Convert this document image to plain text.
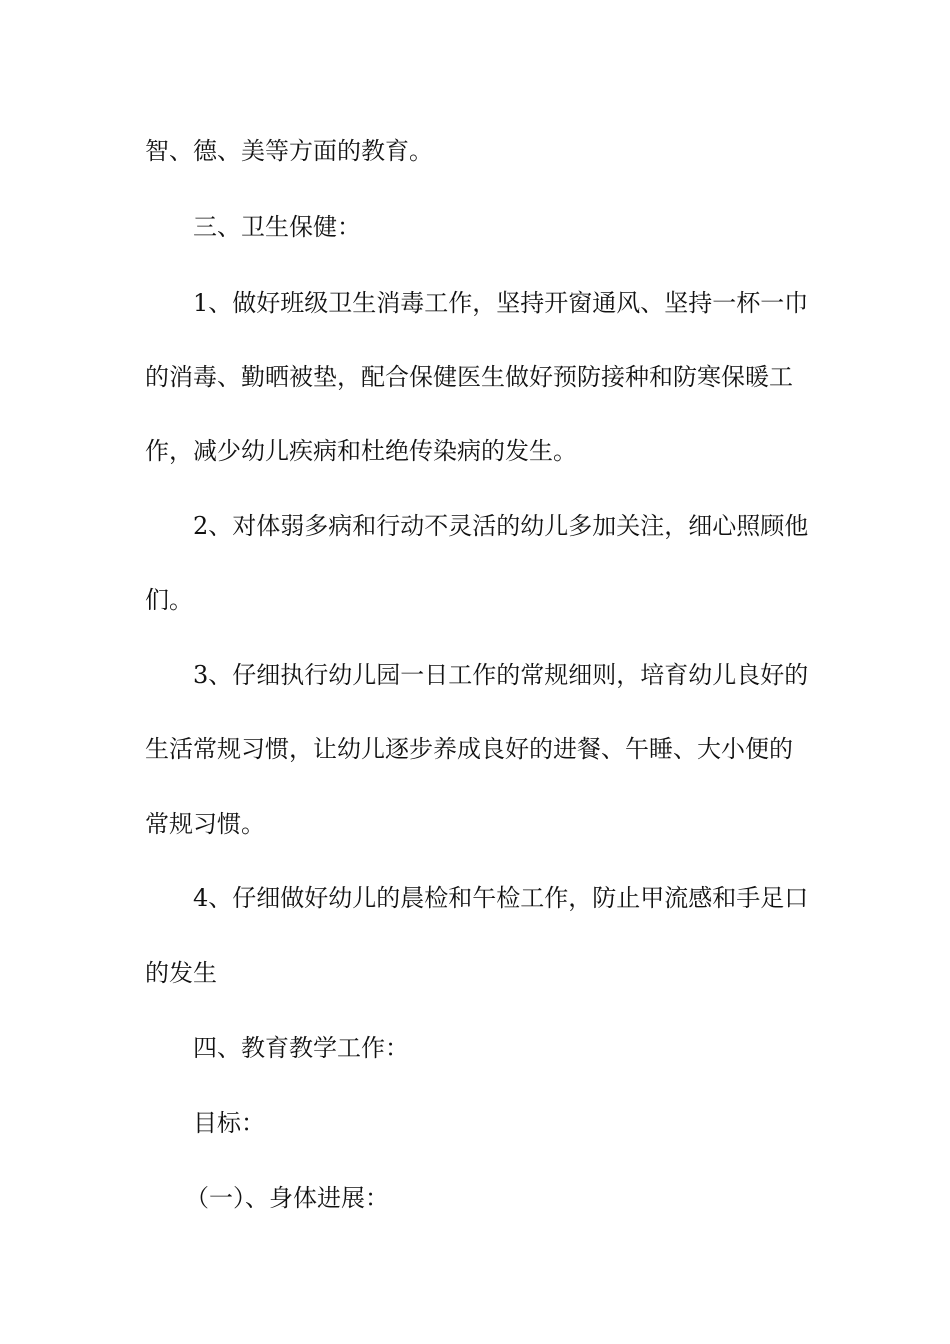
智、德、美等方面的教育。
三、卫生保健：
1、做好班级卫生消毒工作，坚持开窗通风、坚持一杯一巾
的消毒、勤晒被垫，配合保健医生做好预防接种和防寒保暖工
作，减少幼儿疾病和杜绝传染病的发生。
2、对体弱多病和行动不灵活的幼儿多加关注，细心照顾他
们。
3、仔细执行幼儿园一日工作的常规细则，培育幼儿良好的
生活常规习惯，让幼儿逐步养成良好的进餐、午睡、大小便的
常规习惯。
4、仔细做好幼儿的晨检和午检工作，防止甲流感和手足口
的发生
四、教育教学工作：
目标：
（一）、身体进展：
